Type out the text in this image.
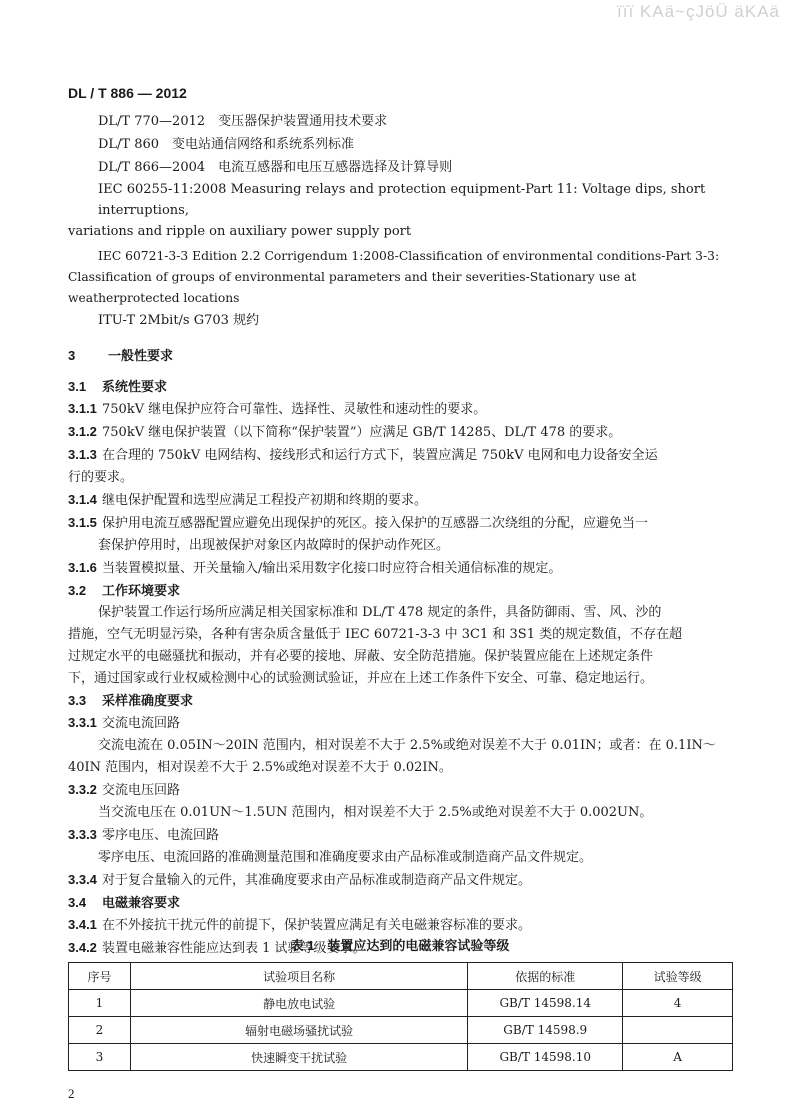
ïïï KAä~çJöÜ äKAä
DL / T 886 — 2012
DL/T 770—2012　变压器保护装置通用技术要求
DL/T 860　变电站通信网络和系统系列标准
DL/T 866—2004　电流互感器和电压互感器选择及计算导则
IEC 60255-11:2008 Measuring relays and protection equipment-Part 11: Voltage dips, short interruptions,
variations and ripple on auxiliary power supply port
IEC 60721-3-3 Edition 2.2 Corrigendum 1:2008-Classification of environmental conditions-Part 3-3:
Classification of groups of environmental parameters and their severities-Stationary use at weatherprotected locations
ITU-T 2Mbit/s G703 规约
3	一般性要求
3.1 系统性要求
3.1.1 750kV 继电保护应符合可靠性、选择性、灵敏性和速动性的要求。
3.1.2 750kV 继电保护装置（以下简称“保护装置”）应满足 GB/T 14285、DL/T 478 的要求。
3.1.3 在合理的 750kV 电网结构、接线形式和运行方式下，装置应满足 750kV 电网和电力设备安全运
行的要求。
3.1.4 继电保护配置和选型应满足工程投产初期和终期的要求。
3.1.5 保护用电流互感器配置应避免出现保护的死区。接入保护的互感器二次绕组的分配，应避免当一
套保护停用时，出现被保护对象区内故障时的保护动作死区。
3.1.6 当装置模拟量、开关量输入/输出采用数字化接口时应符合相关通信标准的规定。
3.2 工作环境要求
保护装置工作运行场所应满足相关国家标准和 DL/T 478 规定的条件，具备防御雨、雪、风、沙的
措施，空气无明显污染，各种有害杂质含量低于 IEC 60721-3-3 中 3C1 和 3S1 类的规定数值，不存在超
过规定水平的电磁骚扰和振动，并有必要的接地、屏蔽、安全防范措施。保护装置应能在上述规定条件
下，通过国家或行业权威检测中心的试验测试验证，并应在上述工作条件下安全、可靠、稳定地运行。
3.3 采样准确度要求
3.3.1 交流电流回路
交流电流在 0.05IN～20IN 范围内，相对误差不大于 2.5%或绝对误差不大于 0.01IN；或者：在 0.1IN～
40IN 范围内，相对误差不大于 2.5%或绝对误差不大于 0.02IN。
3.3.2 交流电压回路
当交流电压在 0.01UN～1.5UN 范围内，相对误差不大于 2.5%或绝对误差不大于 0.002UN。
3.3.3 零序电压、电流回路
零序电压、电流回路的准确测量范围和准确度要求由产品标准或制造商产品文件规定。
3.3.4 对于复合量输入的元件，其准确度要求由产品标准或制造商产品文件规定。
3.4 电磁兼容要求
3.4.1 在不外接抗干扰元件的前提下，保护装置应满足有关电磁兼容标准的要求。
3.4.2 装置电磁兼容性能应达到表 1 试验等级要求。
表 1　装置应达到的电磁兼容试验等级
序号	试验项目名称	依据的标准	试验等级
1	静电放电试验	GB/T 14598.14	4
2	辐射电磁场骚扰试验	GB/T 14598.9	
3	快速瞬变干扰试验	GB/T 14598.10	A
2
